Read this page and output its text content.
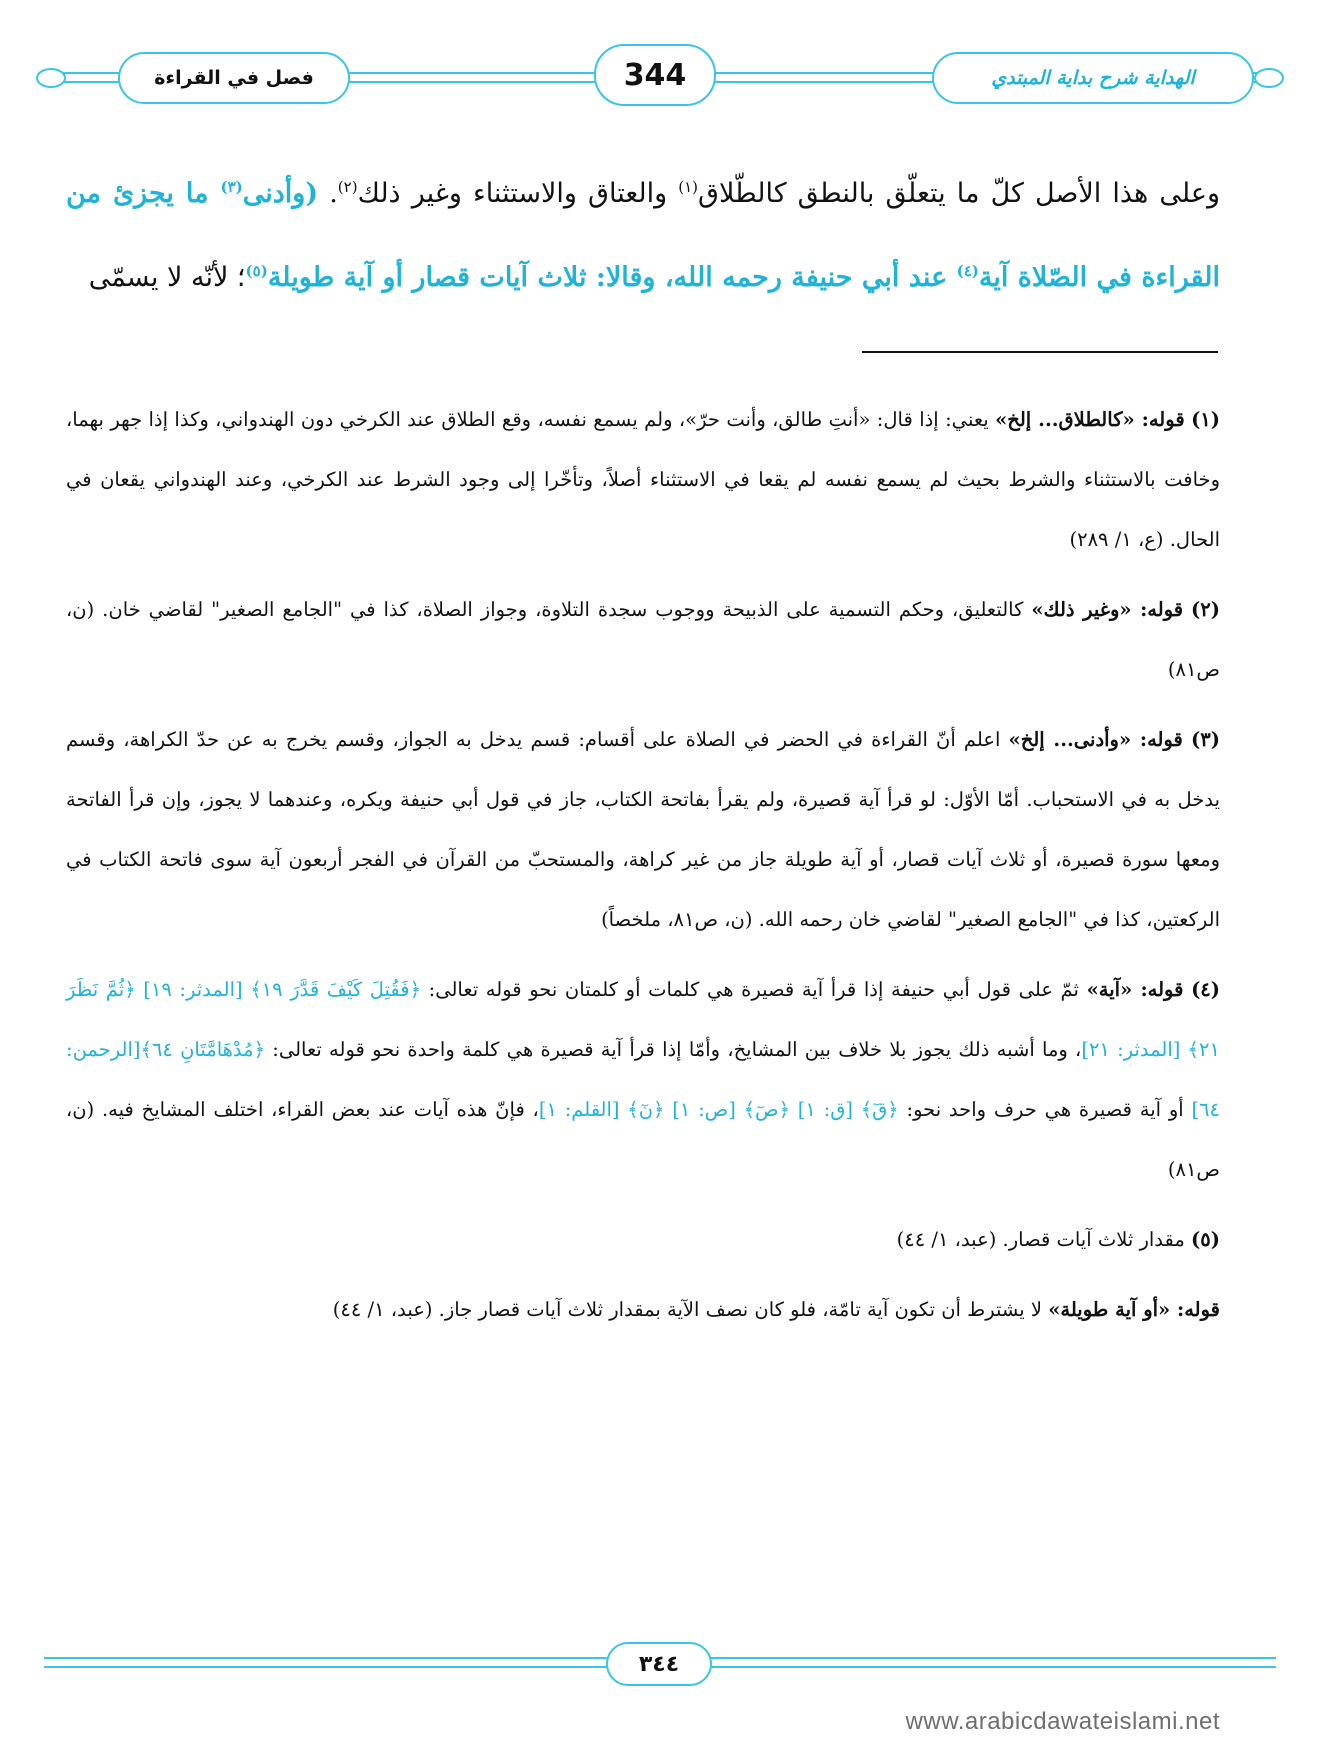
فصل في القراءة	344	الهداية شرح بداية المبتدي
وعلى هذا الأصل كلّ ما يتعلّق بالنطق كالطّلاق$^{(١)}$ والعتاق والاستثناء وغير ذلك$^{(٢)}$. (وأدنى$^{(٣)}$ ما يجزئ من القراءة في الصّلاة آية$^{(٤)}$ عند أبي حنيفة رحمه الله، وقالا: ثلاث آيات قصار أو آية طويلة$^{(٥)}$؛ لأنّه لا يسمّى

(١) قوله: «كالطلاق... إلخ» يعني: إذا قال: «أنتِ طالق، وأنت حرّ»، ولم يسمع نفسه، وقع الطلاق عند الكرخي دون الهندواني، وكذا إذا جهر بهما، وخافت بالاستثناء والشرط بحيث لم يسمع نفسه لم يقعا في الاستثناء أصلاً، وتأخّرا إلى وجود الشرط عند الكرخي، وعند الهندواني يقعان في الحال. (ع، ١/ ٢٨٩)

(٢) قوله: «وغير ذلك» كالتعليق، وحكم التسمية على الذبيحة ووجوب سجدة التلاوة، وجواز الصلاة، كذا في "الجامع الصغير" لقاضي خان. (ن، ص٨١)

(٣) قوله: «وأدنى... إلخ» اعلم أنّ القراءة في الحضر في الصلاة على أقسام: قسم يدخل به الجواز، وقسم يخرج به عن حدّ الكراهة، وقسم يدخل به في الاستحباب. أمّا الأوّل: لو قرأ آية قصيرة، ولم يقرأ بفاتحة الكتاب، جاز في قول أبي حنيفة ويكره، وعندهما لا يجوز، وإن قرأ الفاتحة ومعها سورة قصيرة، أو ثلاث آيات قصار، أو آية طويلة جاز من غير كراهة، والمستحبّ من القرآن في الفجر أربعون آية سوى فاتحة الكتاب في الركعتين، كذا في "الجامع الصغير" لقاضي خان رحمه الله. (ن، ص٨١، ملخصاً)

(٤) قوله: «آية» ثمّ على قول أبي حنيفة إذا قرأ آية قصيرة هي كلمات أو كلمتان نحو قوله تعالى: ﴿فَقُتِلَ كَيْفَ قَدَّرَ ١٩﴾ [المدثر: ١٩] ﴿ثُمَّ نَظَرَ ٢١﴾ [المدثر: ٢١]، وما أشبه ذلك يجوز بلا خلاف بين المشايخ، وأمّا إذا قرأ آية قصيرة هي كلمة واحدة نحو قوله تعالى: ﴿مُدْهَامَّتَانِ ٦٤﴾[الرحمن: ٦٤] أو آية قصيرة هي حرف واحد نحو: ﴿قٓ﴾ [ق: ١] ﴿صٓ﴾ [ص: ١] ﴿نٓ﴾ [القلم: ١]، فإنّ هذه آيات عند بعض القراء، اختلف المشايخ فيه. (ن، ص٨١)

(٥) مقدار ثلاث آيات قصار. (عبد، ١/ ٤٤)

قوله: «أو آية طويلة» لا يشترط أن تكون آية تامّة، فلو كان نصف الآية بمقدار ثلاث آيات قصار جاز. (عبد، ١/ ٤٤)

٣٤٤
www.arabicdawateislami.net
